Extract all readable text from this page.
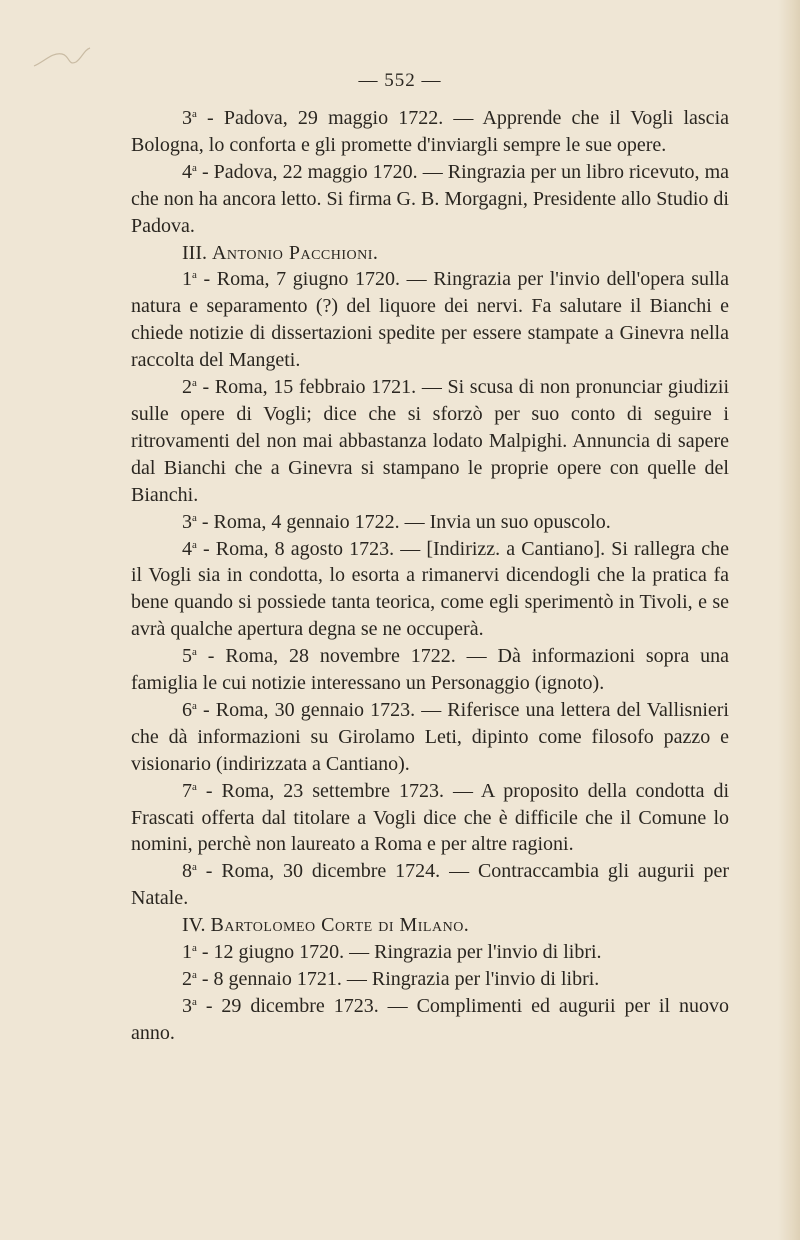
— 552 —

3$^a$ - Padova, 29 maggio 1722. — Apprende che il Vogli lascia Bologna, lo conforta e gli promette d'inviargli sempre le sue opere.

4$^a$ - Padova, 22 maggio 1720. — Ringrazia per un libro ricevuto, ma che non ha ancora letto. Si firma G. B. Morgagni, Presidente allo Studio di Padova.

III. Antonio Pacchioni.

1$^a$ - Roma, 7 giugno 1720. — Ringrazia per l'invio dell'opera sulla natura e separamento (?) del liquore dei nervi. Fa salutare il Bianchi e chiede notizie di dissertazioni spedite per essere stampate a Ginevra nella raccolta del Mangeti.

2$^a$ - Roma, 15 febbraio 1721. — Si scusa di non pronunciar giudizii sulle opere di Vogli; dice che si sforzò per suo conto di seguire i ritrovamenti del non mai abbastanza lodato Malpighi. Annuncia di sapere dal Bianchi che a Ginevra si stampano le proprie opere con quelle del Bianchi.

3$^a$ - Roma, 4 gennaio 1722. — Invia un suo opuscolo.

4$^a$ - Roma, 8 agosto 1723. — [Indirizz. a Cantiano]. Si rallegra che il Vogli sia in condotta, lo esorta a rimanervi dicendogli che la pratica fa bene quando si possiede tanta teorica, come egli sperimentò in Tivoli, e se avrà qualche apertura degna se ne occuperà.

5$^a$ - Roma, 28 novembre 1722. — Dà informazioni sopra una famiglia le cui notizie interessano un Personaggio (ignoto).

6$^a$ - Roma, 30 gennaio 1723. — Riferisce una lettera del Vallisnieri che dà informazioni su Girolamo Leti, dipinto come filosofo pazzo e visionario (indirizzata a Cantiano).

7$^a$ - Roma, 23 settembre 1723. — A proposito della condotta di Frascati offerta dal titolare a Vogli dice che è difficile che il Comune lo nomini, perchè non laureato a Roma e per altre ragioni.

8$^a$ - Roma, 30 dicembre 1724. — Contraccambia gli augurii per Natale.

IV. Bartolomeo Corte di Milano.

1$^a$ - 12 giugno 1720. — Ringrazia per l'invio di libri.

2$^a$ - 8 gennaio 1721. — Ringrazia per l'invio di libri.

3$^a$ - 29 dicembre 1723. — Complimenti ed augurii per il nuovo anno.
